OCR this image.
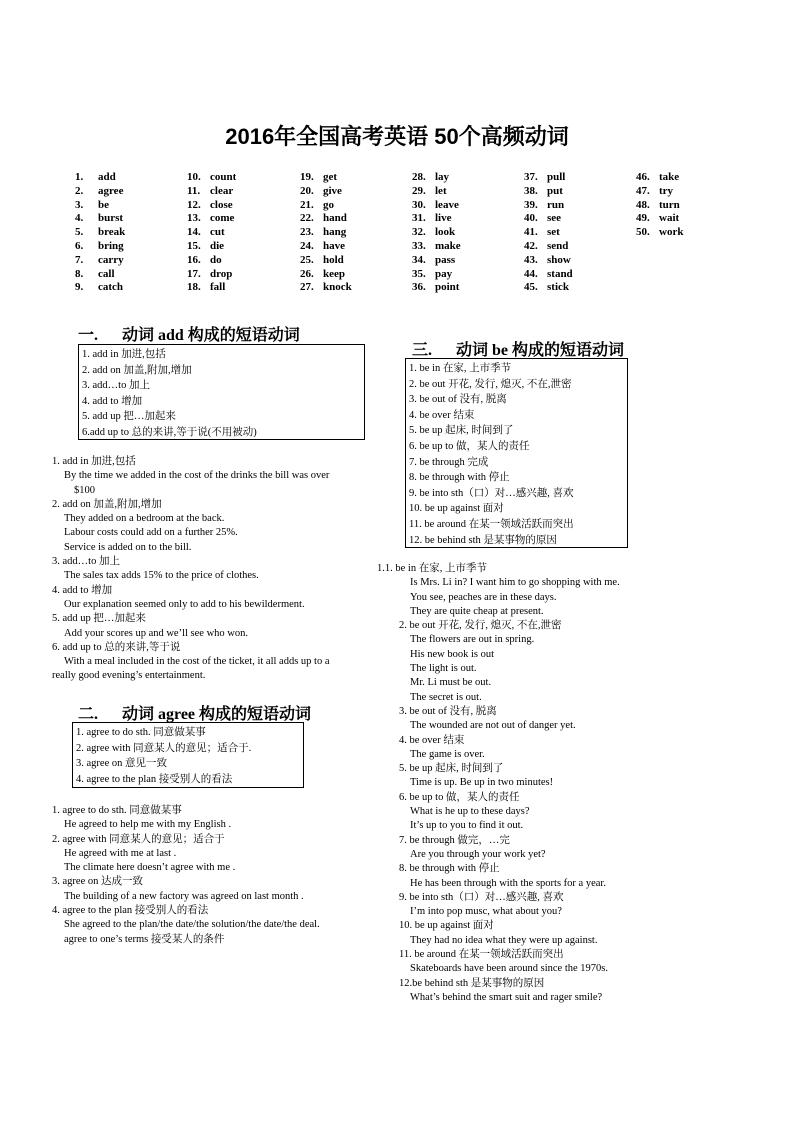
2016年全国高考英语 50个高频动词
1. add
2. agree
3. be
4. burst
5. break
6. bring
7. carry
8. call
9. catch
10. count
11. clear
12. close
13. come
14. cut
15. die
16. do
17. drop
18. fall
19. get
20. give
21. go
22. hand
23. hang
24. have
25. hold
26. keep
27. knock
28. lay
29. let
30. leave
31. live
32. look
33. make
34. pass
35. pay
36. point
37. pull
38. put
39. run
40. see
41. set
42. send
43. show
44. stand
45. stick
46. take
47. try
48. turn
49. wait
50. work
一. 动词 add 构成的短语动词
1. add in 加进,包括
2. add on 加盖,附加,增加
3. add…to 加上
4. add to 增加
5. add up 把…加起来
6.add up to 总的来讲,等于说(不用被动)
1. add in 加进,包括
By the time we added in the cost of the drinks the bill was over
$100
2. add on 加盖,附加,增加
They added on a bedroom at the back.
Labour costs could add on a further 25%.
Service is added on to the bill.
3. add…to 加上
The sales tax adds 15% to the price of clothes.
4. add to 增加
Our explanation seemed only to add to his bewilderment.
5. add up 把…加起来
Add your scores up and we’ll see who won.
6. add up to 总的来讲,等于说
With a meal included in the cost of the ticket, it all adds up to a
really good evening’s entertainment.
二. 动词 agree 构成的短语动词
1. agree to do sth. 同意做某事
2. agree with 同意某人的意见；适合于.
3. agree on 意见一致
4. agree to the plan 接受别人的看法
1. agree to do sth. 同意做某事
He agreed to help me with my English .
2. agree with 同意某人的意见；适合于
He agreed with me at last .
The climate here doesn’t agree with me .
3. agree on 达成一致
The building of a new factory was agreed on last month .
4. agree to the plan 接受别人的看法
She agreed to the plan/the date/the solution/the date/the deal.
agree to one’s terms 接受某人的条件
三. 动词 be 构成的短语动词
1. be in 在家, 上市季节
2. be out 开花, 发行, 熄灭, 不在,泄密
3. be out of 没有, 脱离
4. be over 结束
5. be up 起床, 时间到了
6. be up to 做，某人的责任
7. be through 完成
8. be through with 停止
9. be into sth（口）对…感兴趣, 喜欢
10. be up against 面对
11. be around 在某一领域活跃而突出
12. be behind sth 是某事物的原因
1.1. be in 在家, 上市季节
Is Mrs. Li in? I want him to go shopping with me.
You see, peaches are in these days.
They are quite cheap at present.
2. be out 开花, 发行, 熄灭, 不在,泄密
The flowers are out in spring.
His new book is out
The light is out.
Mr. Li must be out.
The secret is out.
3. be out of 没有, 脱离
The wounded are not out of danger yet.
4. be over 结束
The game is over.
5. be up 起床, 时间到了
Time is up. Be up in two minutes!
6. be up to 做，某人的责任
What is he up to these days?
It’s up to you to find it out.
7. be through 做完，…完
Are you through your work yet?
8. be through with 停止
He has been through with the sports for a year.
9. be into sth（口）对…感兴趣, 喜欢
I’m into pop musc, what about you?
10. be up against 面对
They had no idea what they were up against.
11. be around 在某一领域活跃而突出
Skateboards have been around since the 1970s.
12.be behind sth 是某事物的原因
What’s behind the smart suit and rager smile?
